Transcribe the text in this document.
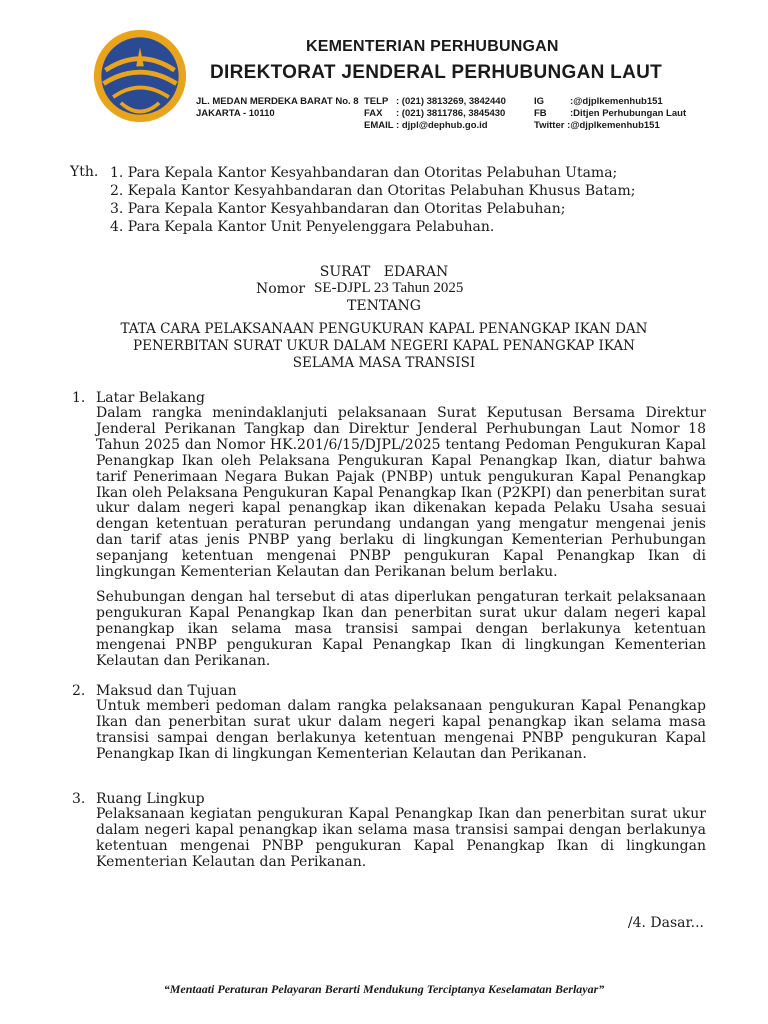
KEMENTERIAN PERHUBUNGAN
DIREKTORAT JENDERAL PERHUBUNGAN LAUT
JL. MEDAN MERDEKA BARAT No. 8
JAKARTA - 10110
TELP : (021) 3813269, 3842440
FAX : (021) 3811786, 3845430
EMAIL : djpl@dephub.go.id
IG	:@djplkemenhub151
FB :Ditjen Perhubungan Laut
Twitter :@djplkemenhub151
Yth. 1. Para Kepala Kantor Kesyahbandaran dan Otoritas Pelabuhan Utama;
2. Kepala Kantor Kesyahbandaran dan Otoritas Pelabuhan Khusus Batam;
3. Para Kepala Kantor Kesyahbandaran dan Otoritas Pelabuhan;
4. Para Kepala Kantor Unit Penyelenggara Pelabuhan.
SURAT   EDARAN
Nomor SE-DJPL 23 Tahun 2025
TENTANG
TATA CARA PELAKSANAAN PENGUKURAN KAPAL PENANGKAP IKAN DAN
PENERBITAN SURAT UKUR DALAM NEGERI KAPAL PENANGKAP IKAN
SELAMA MASA TRANSISI
1. Latar Belakang
Dalam rangka menindaklanjuti pelaksanaan Surat Keputusan Bersama Direktur Jenderal Perikanan Tangkap dan Direktur Jenderal Perhubungan Laut Nomor 18 Tahun 2025 dan Nomor HK.201/6/15/DJPL/2025 tentang Pedoman Pengukuran Kapal Penangkap Ikan oleh Pelaksana Pengukuran Kapal Penangkap Ikan, diatur bahwa tarif Penerimaan Negara Bukan Pajak (PNBP) untuk pengukuran Kapal Penangkap Ikan oleh Pelaksana Pengukuran Kapal Penangkap Ikan (P2KPI) dan penerbitan surat ukur dalam negeri kapal penangkap ikan dikenakan kepada Pelaku Usaha sesuai dengan ketentuan peraturan perundang undangan yang mengatur mengenai jenis dan tarif atas jenis PNBP yang berlaku di lingkungan Kementerian Perhubungan sepanjang ketentuan mengenai PNBP pengukuran Kapal Penangkap Ikan di lingkungan Kementerian Kelautan dan Perikanan belum berlaku.
Sehubungan dengan hal tersebut di atas diperlukan pengaturan terkait pelaksanaan pengukuran Kapal Penangkap Ikan dan penerbitan surat ukur dalam negeri kapal penangkap ikan selama masa transisi sampai dengan berlakunya ketentuan mengenai PNBP pengukuran Kapal Penangkap Ikan di lingkungan Kementerian Kelautan dan Perikanan.
2. Maksud dan Tujuan
Untuk memberi pedoman dalam rangka pelaksanaan pengukuran Kapal Penangkap Ikan dan penerbitan surat ukur dalam negeri kapal penangkap ikan selama masa transisi sampai dengan berlakunya ketentuan mengenai PNBP pengukuran Kapal Penangkap Ikan di lingkungan Kementerian Kelautan dan Perikanan.
3. Ruang Lingkup
Pelaksanaan kegiatan pengukuran Kapal Penangkap Ikan dan penerbitan surat ukur dalam negeri kapal penangkap ikan selama masa transisi sampai dengan berlakunya ketentuan mengenai PNBP pengukuran Kapal Penangkap Ikan di lingkungan Kementerian Kelautan dan Perikanan.
/4. Dasar...
“Mentaati Peraturan Pelayaran Berarti Mendukung Terciptanya Keselamatan Berlayar”
